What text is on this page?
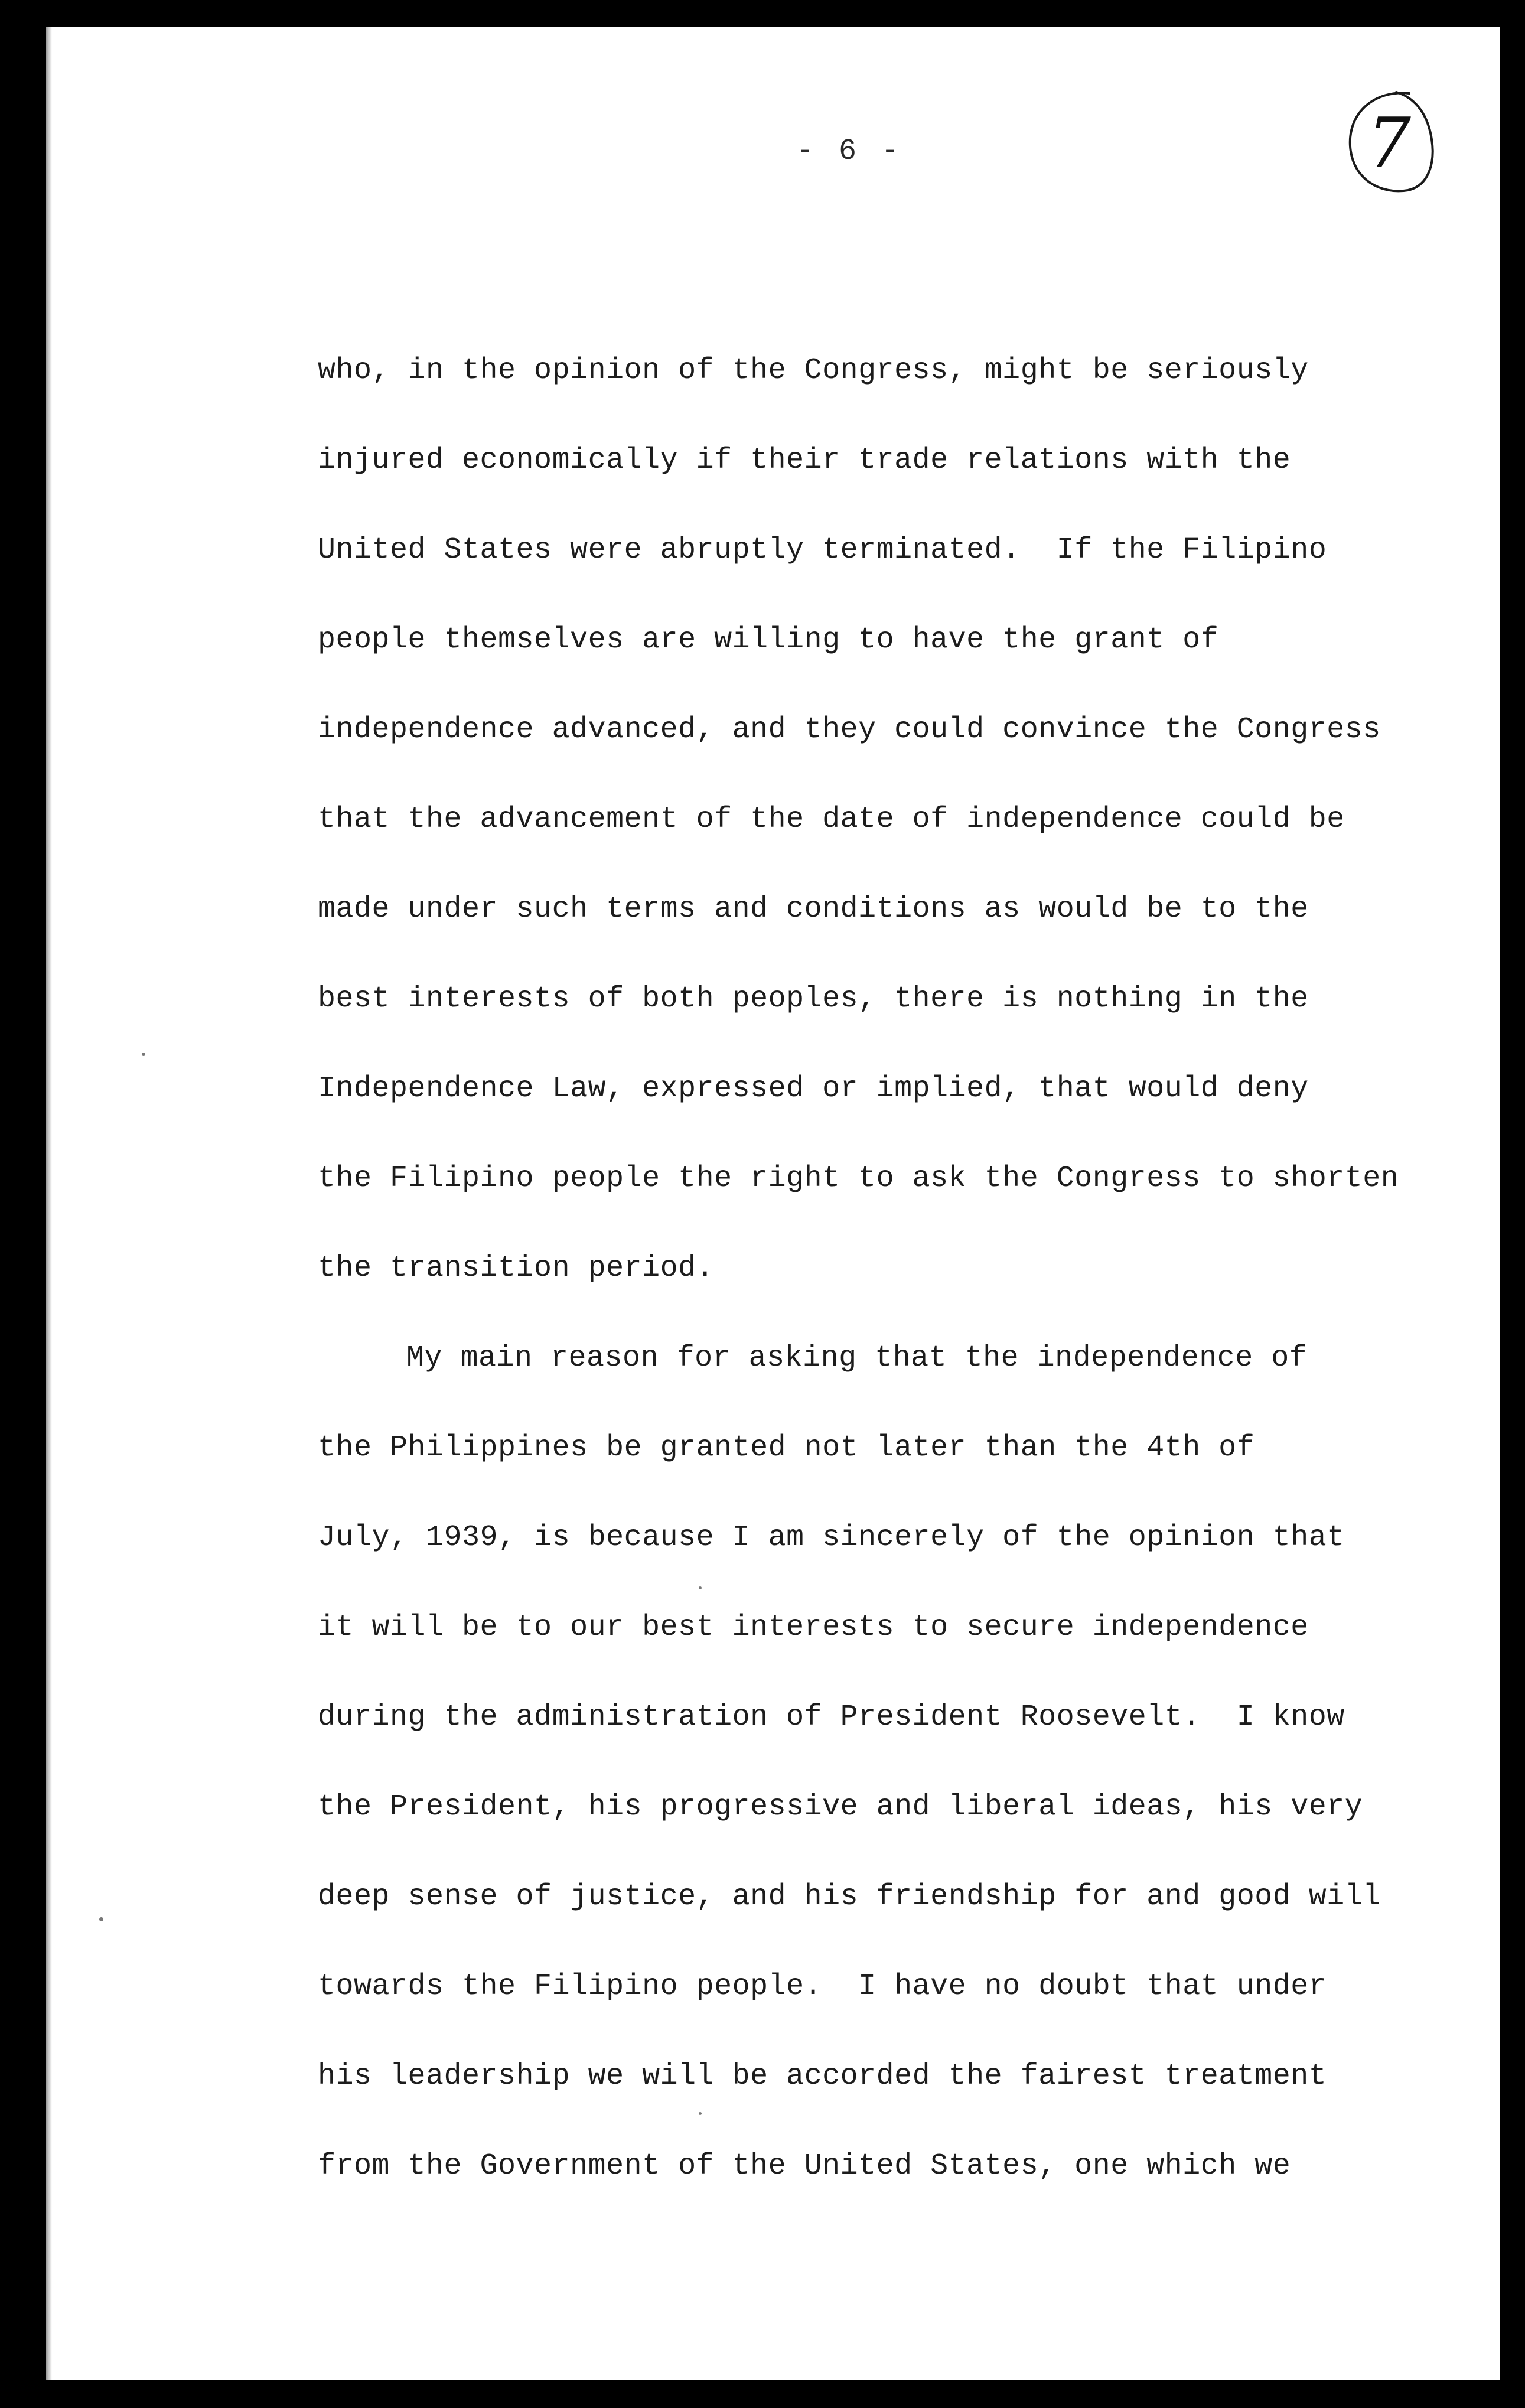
- 6 -	7
who, in the opinion of the Congress, might be seriously
injured economically if their trade relations with the
United States were abruptly terminated.  If the Filipino
people themselves are willing to have the grant of
independence advanced, and they could convince the Congress
that the advancement of the date of independence could be
made under such terms and conditions as would be to the
best interests of both peoples, there is nothing in the
Independence Law, expressed or implied, that would deny
the Filipino people the right to ask the Congress to shorten
the transition period.
My main reason for asking that the independence of
the Philippines be granted not later than the 4th of
July, 1939, is because I am sincerely of the opinion that
it will be to our best interests to secure independence
during the administration of President Roosevelt.  I know
the President, his progressive and liberal ideas, his very
deep sense of justice, and his friendship for and good will
towards the Filipino people.  I have no doubt that under
his leadership we will be accorded the fairest treatment
from the Government of the United States, one which we
